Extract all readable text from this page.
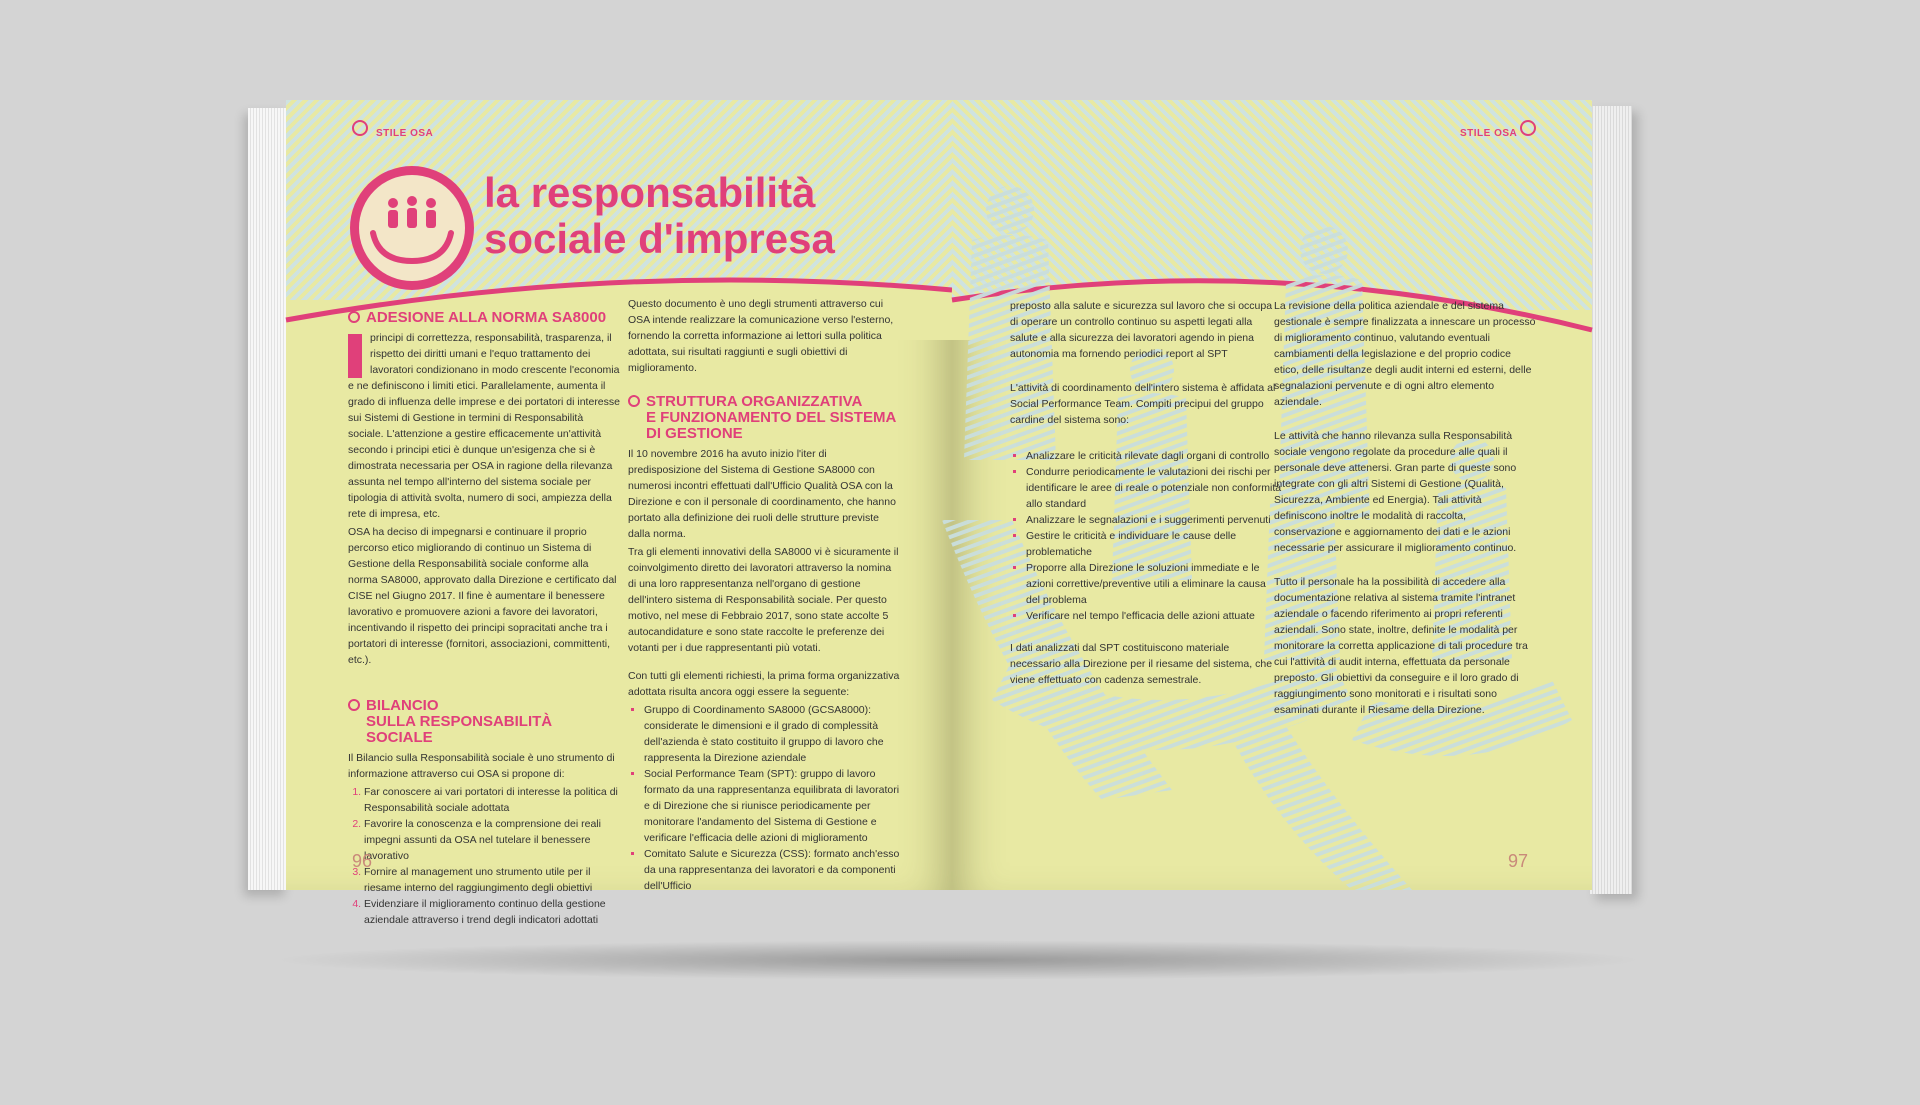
STILE OSA
la responsabilità
sociale d'impresa
ADESIONE ALLA NORMA SA8000

principi di correttezza, responsabilità, trasparenza, il rispetto dei diritti umani e l'equo trattamento dei lavoratori condizionano in modo crescente l'economia e ne definiscono i limiti etici. Parallelamente, aumenta il grado di influenza delle imprese e dei portatori di interesse sui Sistemi di Gestione in termini di Responsabilità sociale. L'attenzione a gestire efficacemente un'attività secondo i principi etici è dunque un'esigenza che si è dimostrata necessaria per OSA in ragione della rilevanza assunta nel tempo all'interno del sistema sociale per tipologia di attività svolta, numero di soci, ampiezza della rete di impresa, etc.

OSA ha deciso di impegnarsi e continuare il proprio percorso etico migliorando di continuo un Sistema di Gestione della Responsabilità sociale conforme alla norma SA8000, approvato dalla Direzione e certificato dal CISE nel Giugno 2017. Il fine è aumentare il benessere lavorativo e promuovere azioni a favore dei lavoratori, incentivando il rispetto dei principi sopracitati anche tra i portatori di interesse (fornitori, associazioni, committenti, etc.).

BILANCIO
SULLA RESPONSABILITÀ SOCIALE

Il Bilancio sulla Responsabilità sociale è uno strumento di informazione attraverso cui OSA si propone di:

1. Far conoscere ai vari portatori di interesse la politica di Responsabilità sociale adottata
2. Favorire la conoscenza e la comprensione dei reali impegni assunti da OSA nel tutelare il benessere lavorativo
3. Fornire al management uno strumento utile per il riesame interno del raggiungimento degli obiettivi
4. Evidenziare il miglioramento continuo della gestione aziendale attraverso i trend degli indicatori adottati

Questo documento è uno degli strumenti attraverso cui OSA intende realizzare la comunicazione verso l'esterno, fornendo la corretta informazione ai lettori sulla politica adottata, sui risultati raggiunti e sugli obiettivi di miglioramento.

STRUTTURA ORGANIZZATIVA
E FUNZIONAMENTO DEL SISTEMA
DI GESTIONE

Il 10 novembre 2016 ha avuto inizio l'iter di predisposizione del Sistema di Gestione SA8000 con numerosi incontri effettuati dall'Ufficio Qualità OSA con la Direzione e con il personale di coordinamento, che hanno portato alla definizione dei ruoli delle strutture previste dalla norma.

Tra gli elementi innovativi della SA8000 vi è sicuramente il coinvolgimento diretto dei lavoratori attraverso la nomina di una loro rappresentanza nell'organo di gestione dell'intero sistema di Responsabilità sociale. Per questo motivo, nel mese di Febbraio 2017, sono state accolte 5 autocandidature e sono state raccolte le preferenze dei votanti per i due rappresentanti più votati.

Con tutti gli elementi richiesti, la prima forma organizzativa adottata risulta ancora oggi essere la seguente:

▪ Gruppo di Coordinamento SA8000 (GCSA8000): considerate le dimensioni e il grado di complessità dell'azienda è stato costituito il gruppo di lavoro che rappresenta la Direzione aziendale
▪ Social Performance Team (SPT): gruppo di lavoro formato da una rappresentanza equilibrata di lavoratori e di Direzione che si riunisce periodicamente per monitorare l'andamento del Sistema di Gestione e verificare l'efficacia delle azioni di miglioramento
▪ Comitato Salute e Sicurezza (CSS): formato anch'esso da una rappresentanza dei lavoratori e da componenti dell'Ufficio
96
STILE OSA

preposto alla salute e sicurezza sul lavoro che si occupa di operare un controllo continuo su aspetti legati alla salute e alla sicurezza dei lavoratori agendo in piena autonomia ma fornendo periodici report al SPT

L'attività di coordinamento dell'intero sistema è affidata al Social Performance Team. Compiti precipui del gruppo cardine del sistema sono:

▪ Analizzare le criticità rilevate dagli organi di controllo
▪ Condurre periodicamente le valutazioni dei rischi per identificare le aree di reale o potenziale non conformità allo standard
▪ Analizzare le segnalazioni e i suggerimenti pervenuti
▪ Gestire le criticità e individuare le cause delle problematiche
▪ Proporre alla Direzione le soluzioni immediate e le azioni correttive/preventive utili a eliminare la causa del problema
▪ Verificare nel tempo l'efficacia delle azioni attuate

I dati analizzati dal SPT costituiscono materiale necessario alla Direzione per il riesame del sistema, che viene effettuato con cadenza semestrale.

La revisione della politica aziendale e del sistema gestionale è sempre finalizzata a innescare un processo di miglioramento continuo, valutando eventuali cambiamenti della legislazione e del proprio codice etico, delle risultanze degli audit interni ed esterni, delle segnalazioni pervenute e di ogni altro elemento aziendale.

Le attività che hanno rilevanza sulla Responsabilità sociale vengono regolate da procedure alle quali il personale deve attenersi. Gran parte di queste sono integrate con gli altri Sistemi di Gestione (Qualità, Sicurezza, Ambiente ed Energia). Tali attività definiscono inoltre le modalità di raccolta, conservazione e aggiornamento dei dati e le azioni necessarie per assicurare il miglioramento continuo.

Tutto il personale ha la possibilità di accedere alla documentazione relativa al sistema tramite l'intranet aziendale o facendo riferimento ai propri referenti aziendali. Sono state, inoltre, definite le modalità per monitorare la corretta applicazione di tali procedure tra cui l'attività di audit interna, effettuata da personale preposto. Gli obiettivi da conseguire e il loro grado di raggiungimento sono monitorati e i risultati sono esaminati durante il Riesame della Direzione.

97
